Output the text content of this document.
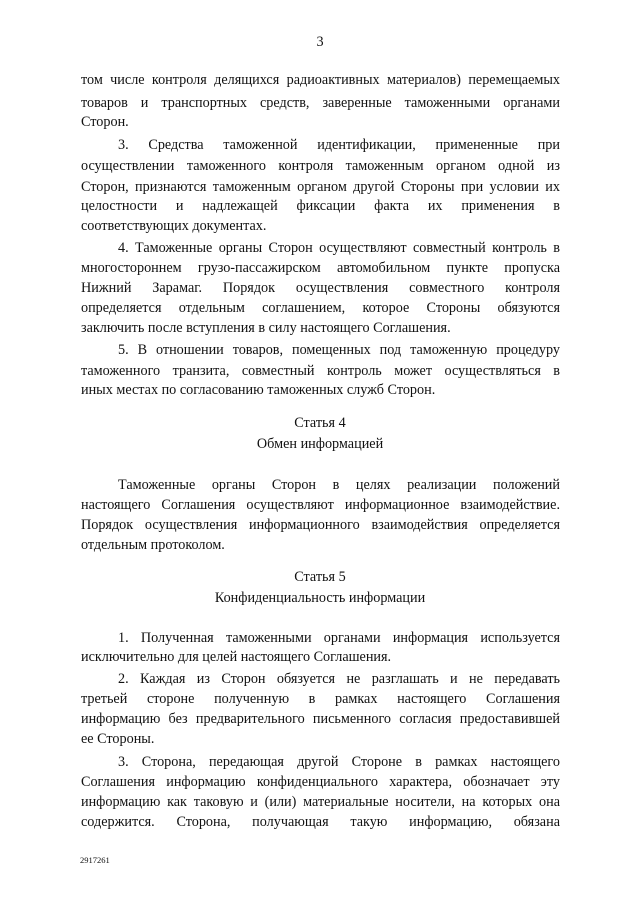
3
том числе контроля делящихся радиоактивных материалов) перемещаемых
товаров и транспортных средств, заверенные таможенными органами
Сторон.
3. Средства таможенной идентификации, примененные при
осуществлении таможенного контроля таможенным органом одной из
Сторон, признаются таможенным органом другой Стороны при условии их
целостности и надлежащей фиксации факта их применения в
соответствующих документах.
4. Таможенные органы Сторон осуществляют совместный контроль в
многостороннем грузо-пассажирском автомобильном пункте пропуска
Нижний Зарамаг. Порядок осуществления совместного контроля
определяется отдельным соглашением, которое Стороны обязуются
заключить после вступления в силу настоящего Соглашения.
5. В отношении товаров, помещенных под таможенную процедуру
таможенного транзита, совместный контроль может осуществляться в
иных местах по согласованию таможенных служб Сторон.
Статья 4
Обмен информацией
Таможенные органы Сторон в целях реализации положений
настоящего Соглашения осуществляют информационное взаимодействие.
Порядок осуществления информационного взаимодействия определяется
отдельным протоколом.
Статья 5
Конфиденциальность информации
1. Полученная таможенными органами информация используется
исключительно для целей настоящего Соглашения.
2. Каждая из Сторон обязуется не разглашать и не передавать
третьей стороне полученную в рамках настоящего Соглашения
информацию без предварительного письменного согласия предоставившей
ее Стороны.
3. Сторона, передающая другой Стороне в рамках настоящего
Соглашения информацию конфиденциального характера, обозначает эту
информацию как таковую и (или) материальные носители, на которых она
содержится. Сторона, получающая такую информацию, обязана
2917261
